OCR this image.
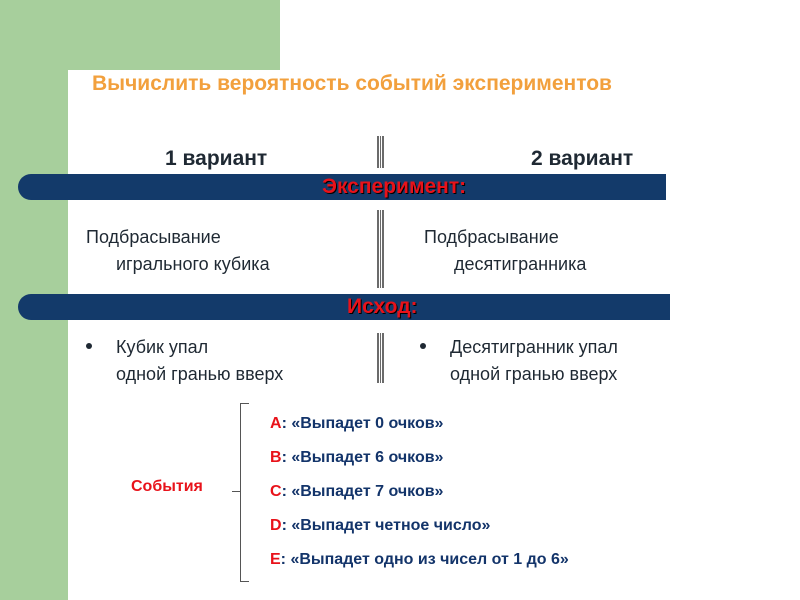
Вычислить вероятность событий экспериментов
1 вариант	2 вариант
Эксперимент:
Подбрасывание
игрального кубика
Подбрасывание
десятигранника
Исход:
Кубик упал
одной гранью вверх
Десятигранник упал
одной гранью вверх
События
A: «Выпадет 0 очков»
B: «Выпадет 6 очков»
C: «Выпадет 7 очков»
D: «Выпадет четное число»
E: «Выпадет одно из чисел от 1 до 6»
